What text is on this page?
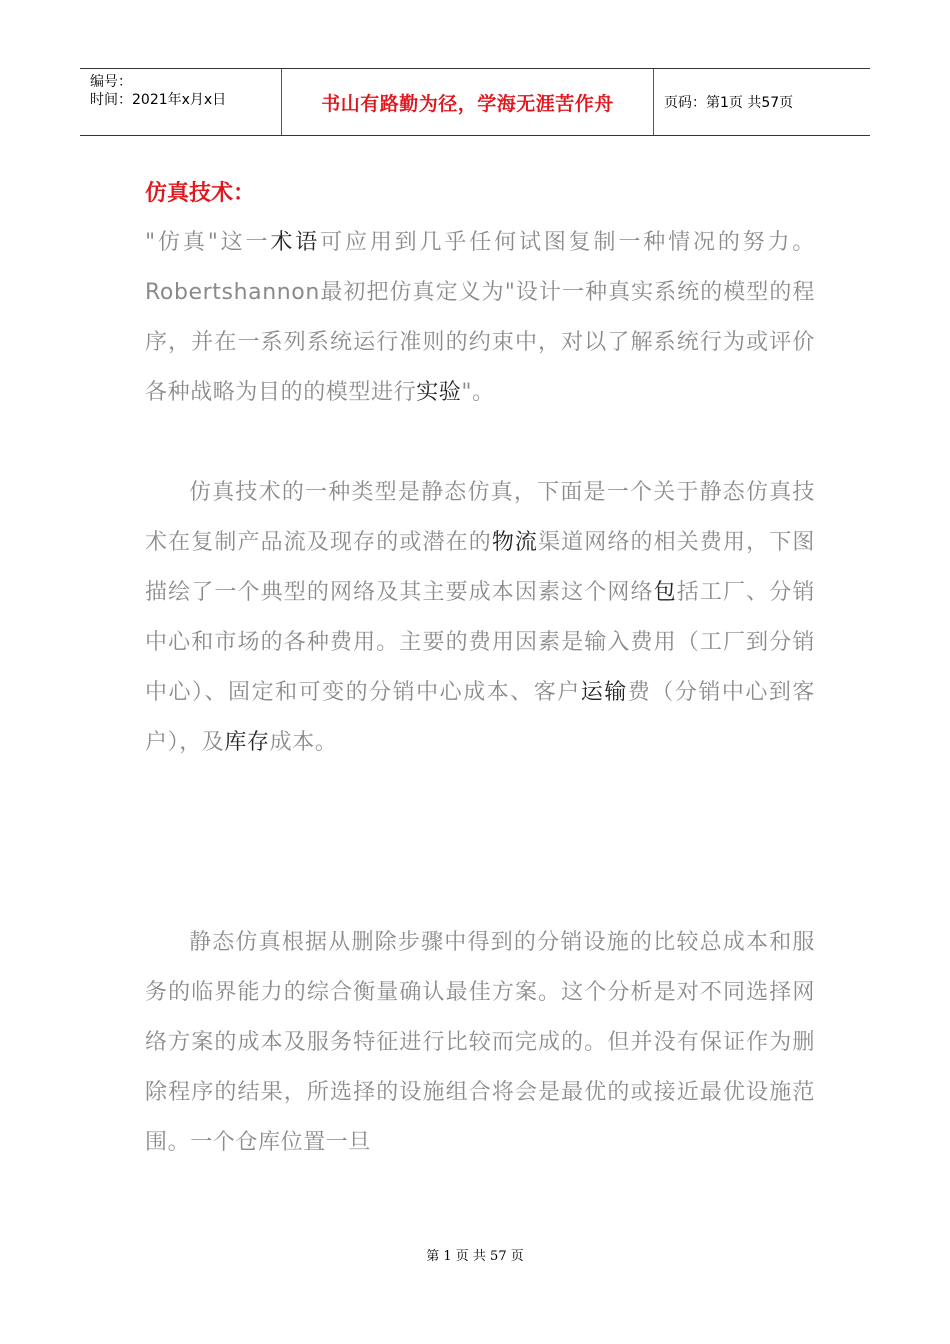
编号：
时间：2021年x月x日	书山有路勤为径，学海无涯苦作舟	页码：第1页 共57页
仿真技术：

"仿真"这一术语可应用到几乎任何试图复制一种情况的努力。Robertshannon最初把仿真定义为"设计一种真实系统的模型的程序，并在一系列系统运行准则的约束中，对以了解系统行为或评价各种战略为目的的模型进行实验"。

仿真技术的一种类型是静态仿真，下面是一个关于静态仿真技术在复制产品流及现存的或潜在的物流渠道网络的相关费用，下图描绘了一个典型的网络及其主要成本因素这个网络包括工厂、分销中心和市场的各种费用。主要的费用因素是输入费用（工厂到分销中心）、固定和可变的分销中心成本、客户运输费（分销中心到客户），及库存成本。

静态仿真根据从删除步骤中得到的分销设施的比较总成本和服务的临界能力的综合衡量确认最佳方案。这个分析是对不同选择网络方案的成本及服务特征进行比较而完成的。但并没有保证作为删除程序的结果，所选择的设施组合将会是最优的或接近最优设施范围。一个仓库位置一旦

第 1 页 共 57 页
